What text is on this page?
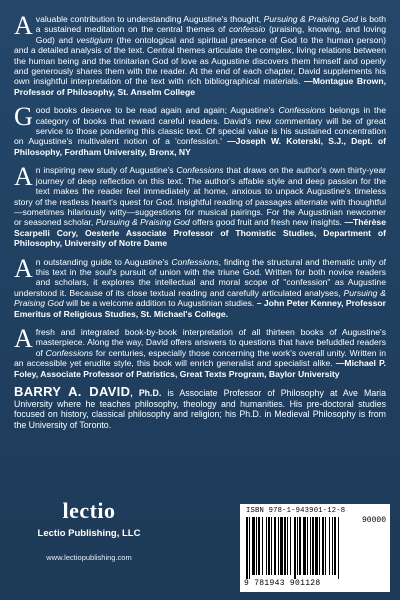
Avaluable contribution to understanding Augustine's thought, Pursuing & Praising God is both a sustained meditation on the central themes of confessio (praising, knowing, and loving God) and vestigium (the ontological and spiritual presence of God to the human person) and a detailed analysis of the text. Central themes articulate the complex, living relations between the human being and the trinitarian God of love as Augustine discovers them himself and openly and generously shares them with the reader. At the end of each chapter, David supplements his own insightful interpretation of the text with rich bibliographical materials. —Montague Brown, Professor of Philosophy, St. Anselm College
Good books deserve to be read again and again; Augustine's Confessions belongs in the category of books that reward careful readers. David's new commentary will be of great service to those pondering this classic text. Of special value is his sustained concentration on Augustine's multivalent notion of a 'confession.' —Joseph W. Koterski, S.J., Dept. of Philosophy, Fordham University, Bronx, NY
An inspiring new study of Augustine's Confessions that draws on the author's own thirty-year journey of deep reflection on this text. The author's affable style and deep passion for the text makes the reader feel immediately at home, anxious to unpack Augustine's timeless story of the restless heart's quest for God. Insightful reading of passages alternate with thoughtful—sometimes hilariously witty—suggestions for musical pairings. For the Augustinian newcomer or seasoned scholar, Pursuing & Praising God offers good fruit and fresh new insights. —Thérèse Scarpelli Cory, Oesterle Associate Professor of Thomistic Studies, Department of Philosophy, University of Notre Dame
An outstanding guide to Augustine's Confessions, finding the structural and thematic unity of this text in the soul's pursuit of union with the triune God. Written for both novice readers and scholars, it explores the intellectual and moral scope of "confession" as Augustine understood it. Because of its close textual reading and carefully articulated analyses, Pursuing & Praising God will be a welcome addition to Augustinian studies. – John Peter Kenney, Professor Emeritus of Religious Studies, St. Michael's College.
A fresh and integrated book-by-book interpretation of all thirteen books of Augustine's masterpiece. Along the way, David offers answers to questions that have befuddled readers of Confessions for centuries, especially those concerning the work's overall unity. Written in an accessible yet erudite style, this book will enrich generalist and specialist alike. —Michael P. Foley, Associate Professor of Patristics, Great Texts Program, Baylor University
BARRY A. DAVID, Ph.D. is Associate Professor of Philosophy at Ave Maria University where he teaches philosophy, theology and humanities. His pre-doctoral studies focused on history, classical philosophy and religion; his Ph.D. in Medieval Philosophy is from the University of Toronto.
lectio
Lectio Publishing, LLC
www.lectiopublishing.com
ISBN 978-1-943901-12-8
90000
9 781943 901128
